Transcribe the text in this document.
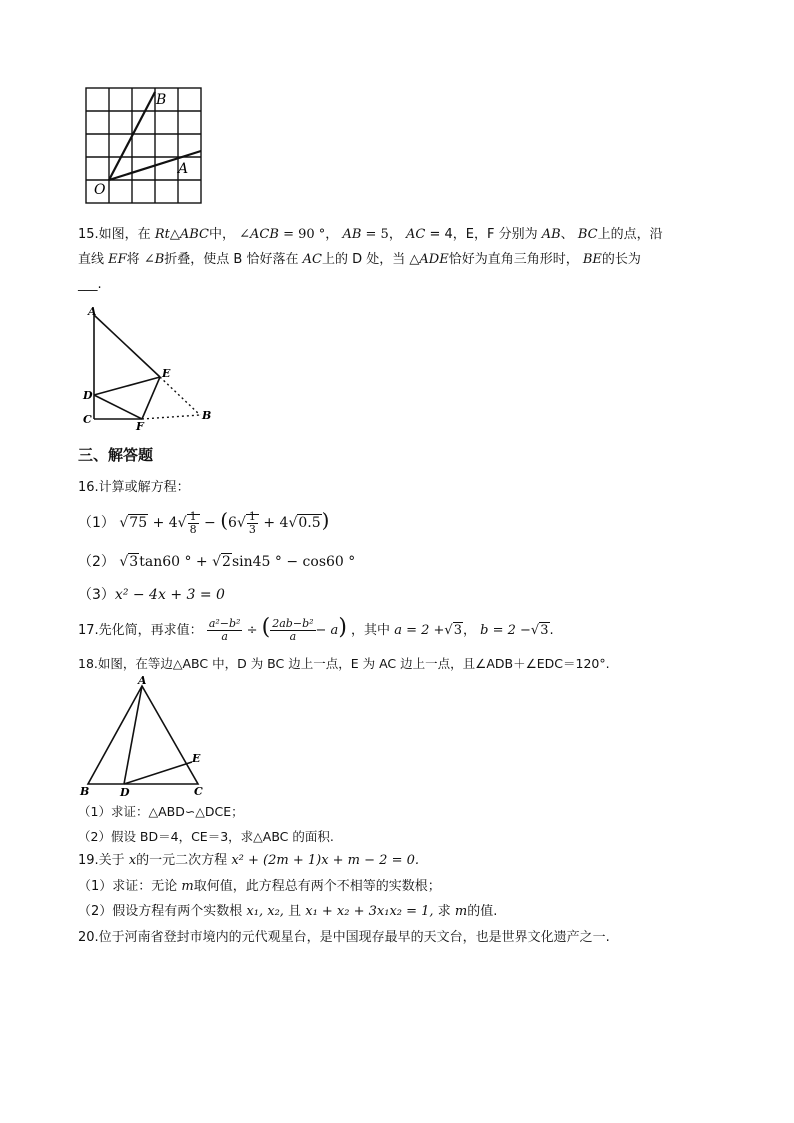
B
A
O
15.如图，在 Rt△ABC中， ∠ACB = 90 °， AB = 5， AC = 4，E，F 分别为 AB、 BC上的点，沿
直线 EF将 ∠B折叠，使点 B 恰好落在 AC上的 D 处，当 △ADE恰好为直角三角形时， BE的长为
___.
A
E
D
C
F
B
三、解答题
16.计算或解方程：
（1） $√75 + 4√ \frac{1}{8} - (6√ \frac{1}{3} + 4√0.5)$
（2） √3tan60 ° + √2sin45 ° − cos60 °
（3）x² − 4x + 3 = 0
17.先化简，再求值： $\frac{\text{a²−b²}}{a}$ ÷ ( $\frac{\text{2ab−b²}}{a} - a$) ，其中 a = 2 +√3， b = 2 −√3.
18.如图，在等边△ABC 中，D 为 BC 边上一点，E 为 AC 边上一点，且∠ADB＋∠EDC＝120°.
A
E
B	D	C
（1）求证：△ABD∽△DCE；
（2）假设 BD＝4，CE＝3，求△ABC 的面积.
19.关于 x的一元二次方程 x² + (2m + 1)x + m − 2 = 0.
（1）求证：无论 m取何值，此方程总有两个不相等的实数根；
（2）假设方程有两个实数根 x₁, x₂, 且 x₁ + x₂ + 3x₁x₂ = 1, 求 m的值.
20.位于河南省登封市境内的元代观星台，是中国现存最早的天文台，也是世界文化遗产之一.
